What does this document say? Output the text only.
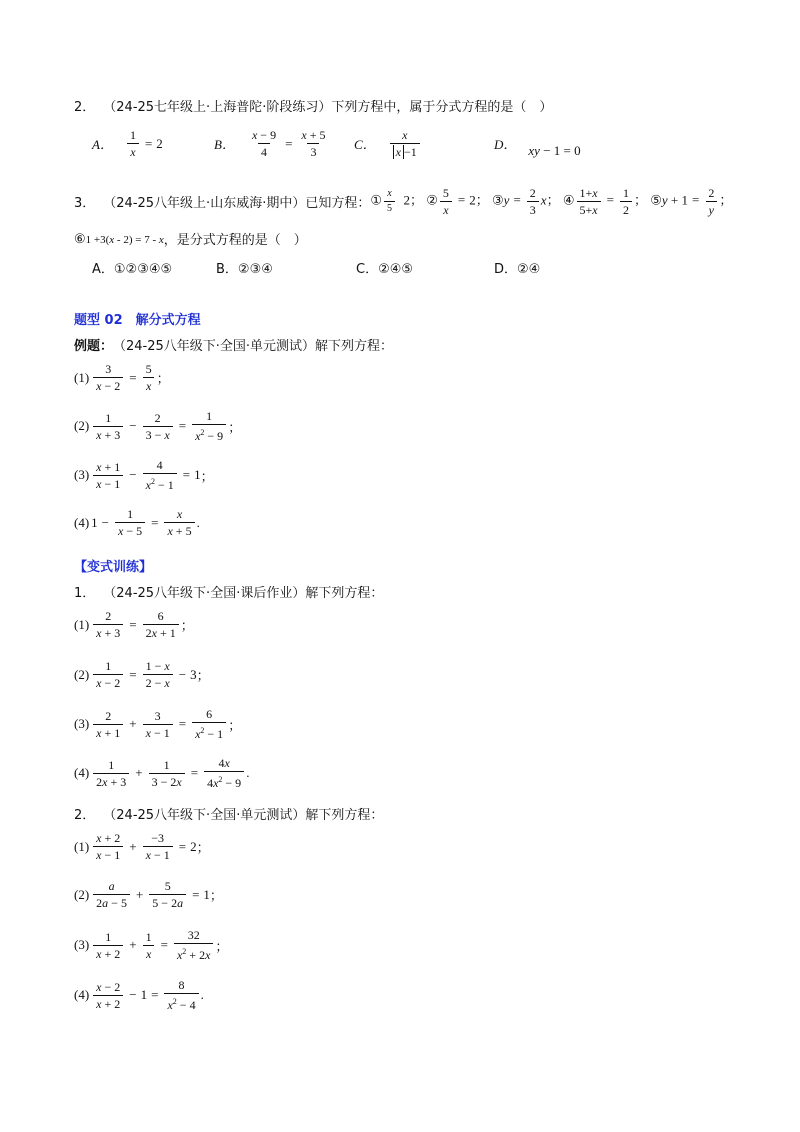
2． （24-25七年级上·上海普陀·阶段练习）下列方程中，属于分式方程的是（　）
A． $\frac{1}{x} = 2$	B． $\frac{x - 9}{4} = \frac{x + 5}{3}$ C． $\frac{x}{x -1}$	D． xy − 1 = 0
3． （24-25八年级上·山东威海·期中）已知方程： ① $\frac{x}{5} 2$； ② $\frac{5}{x} = 2$； ③y = $\frac{2}{3}$ x； ④ $\frac{1+x}{5+x} = \frac{1}{2}$ ； ⑤y + $1 = \frac{2}{y}$ ；
⑥1 +3(x - 2) = 7 - x ，是分式方程的是（　）
A．①②③④⑤	B．②③④	C．②④⑤	D．②④
题型 02　解分式方程
例题： （24-25八年级下·全国·单元测试）解下列方程：
$(1) \frac{3}{x - 2} = \frac{5}{x}$ ；
$(2) \frac{1}{x + 3} - \frac{2}{3 - x} = \frac{1}{x^2 - 9}$ ；
$(3) \frac{x + 1}{x - 1} - \frac{4}{x^2 - 1} = 1$ ；
(4) $1 - \frac{1}{x - 5} = \frac{x}{x + 5}$ .
【变式训练】
1． （24-25八年级下·全国·课后作业）解下列方程：
$(1) \frac{2}{x + 3} = \frac{6}{2x + 1}$ ；
$(2) \frac{1}{x - 2} = \frac{1 - x}{2 - x} - 3$ ；
$(3) \frac{2}{x + 1} + \frac{3}{x - 1} = \frac{6}{x^2 - 1}$ ；
$(4) \frac{1}{2x + 3} + \frac{1}{3 - 2x} = \frac{4x}{4x^2 - 9}$ .
2． （24-25八年级下·全国·单元测试）解下列方程：
$(1) \frac{x + 2}{x - 1} + \frac{-3}{x - 1} = 2$ ；
$(2) \frac{a}{2a - 5} + \frac{5}{5 - 2a} = 1$ ；
$(3) \frac{1}{x + 2} + \frac{1}{x} = \frac{32}{x^2 + 2x}$ ；
$(4) \frac{x - 2}{x + 2} - 1 = \frac{8}{x^2 - 4}$ .
